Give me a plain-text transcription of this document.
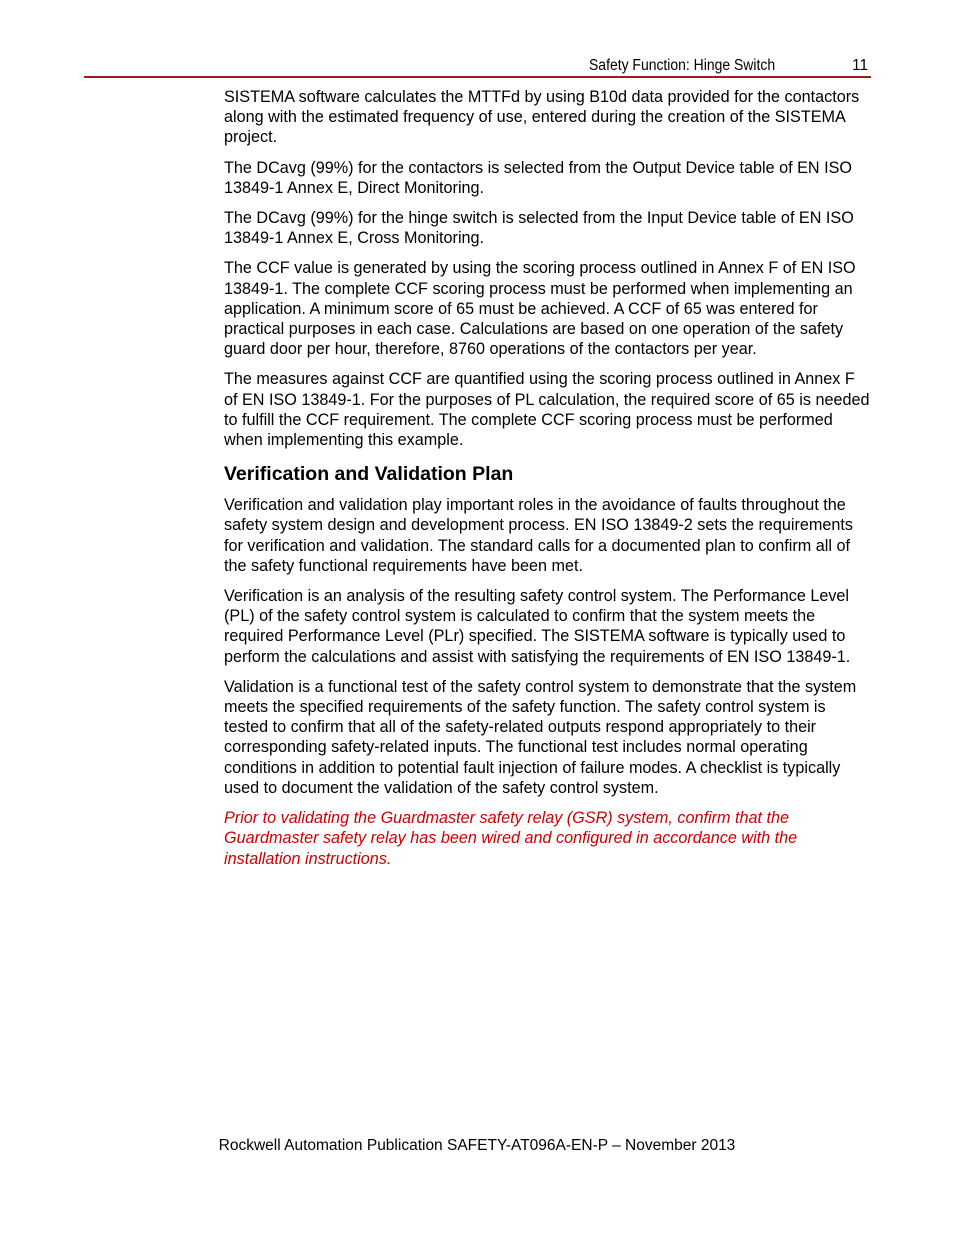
Safety Function: Hinge Switch	11

SISTEMA software calculates the MTTFd by using B10d data provided for the contactors along with the estimated frequency of use, entered during the creation of the SISTEMA project.

The DCavg (99%) for the contactors is selected from the Output Device table of EN ISO 13849-1 Annex E, Direct Monitoring.

The DCavg (99%) for the hinge switch is selected from the Input Device table of EN ISO 13849-1 Annex E, Cross Monitoring.

The CCF value is generated by using the scoring process outlined in Annex F of EN ISO 13849-1. The complete CCF scoring process must be performed when implementing an application. A minimum score of 65 must be achieved. A CCF of 65 was entered for practical purposes in each case. Calculations are based on one operation of the safety guard door per hour, therefore, 8760 operations of the contactors per year.

The measures against CCF are quantified using the scoring process outlined in Annex F of EN ISO 13849-1. For the purposes of PL calculation, the required score of 65 is needed to fulfill the CCF requirement. The complete CCF scoring process must be performed when implementing this example.

Verification and Validation Plan

Verification and validation play important roles in the avoidance of faults throughout the safety system design and development process. EN ISO 13849-2 sets the requirements for verification and validation. The standard calls for a documented plan to confirm all of the safety functional requirements have been met.

Verification is an analysis of the resulting safety control system. The Performance Level (PL) of the safety control system is calculated to confirm that the system meets the required Performance Level (PLr) specified. The SISTEMA software is typically used to perform the calculations and assist with satisfying the requirements of EN ISO 13849-1.

Validation is a functional test of the safety control system to demonstrate that the system meets the specified requirements of the safety function. The safety control system is tested to confirm that all of the safety-related outputs respond appropriately to their corresponding safety-related inputs. The functional test includes normal operating conditions in addition to potential fault injection of failure modes. A checklist is typically used to document the validation of the safety control system.

Prior to validating the Guardmaster safety relay (GSR) system, confirm that the Guardmaster safety relay has been wired and configured in accordance with the installation instructions.

Rockwell Automation Publication SAFETY-AT096A-EN-P – November 2013
